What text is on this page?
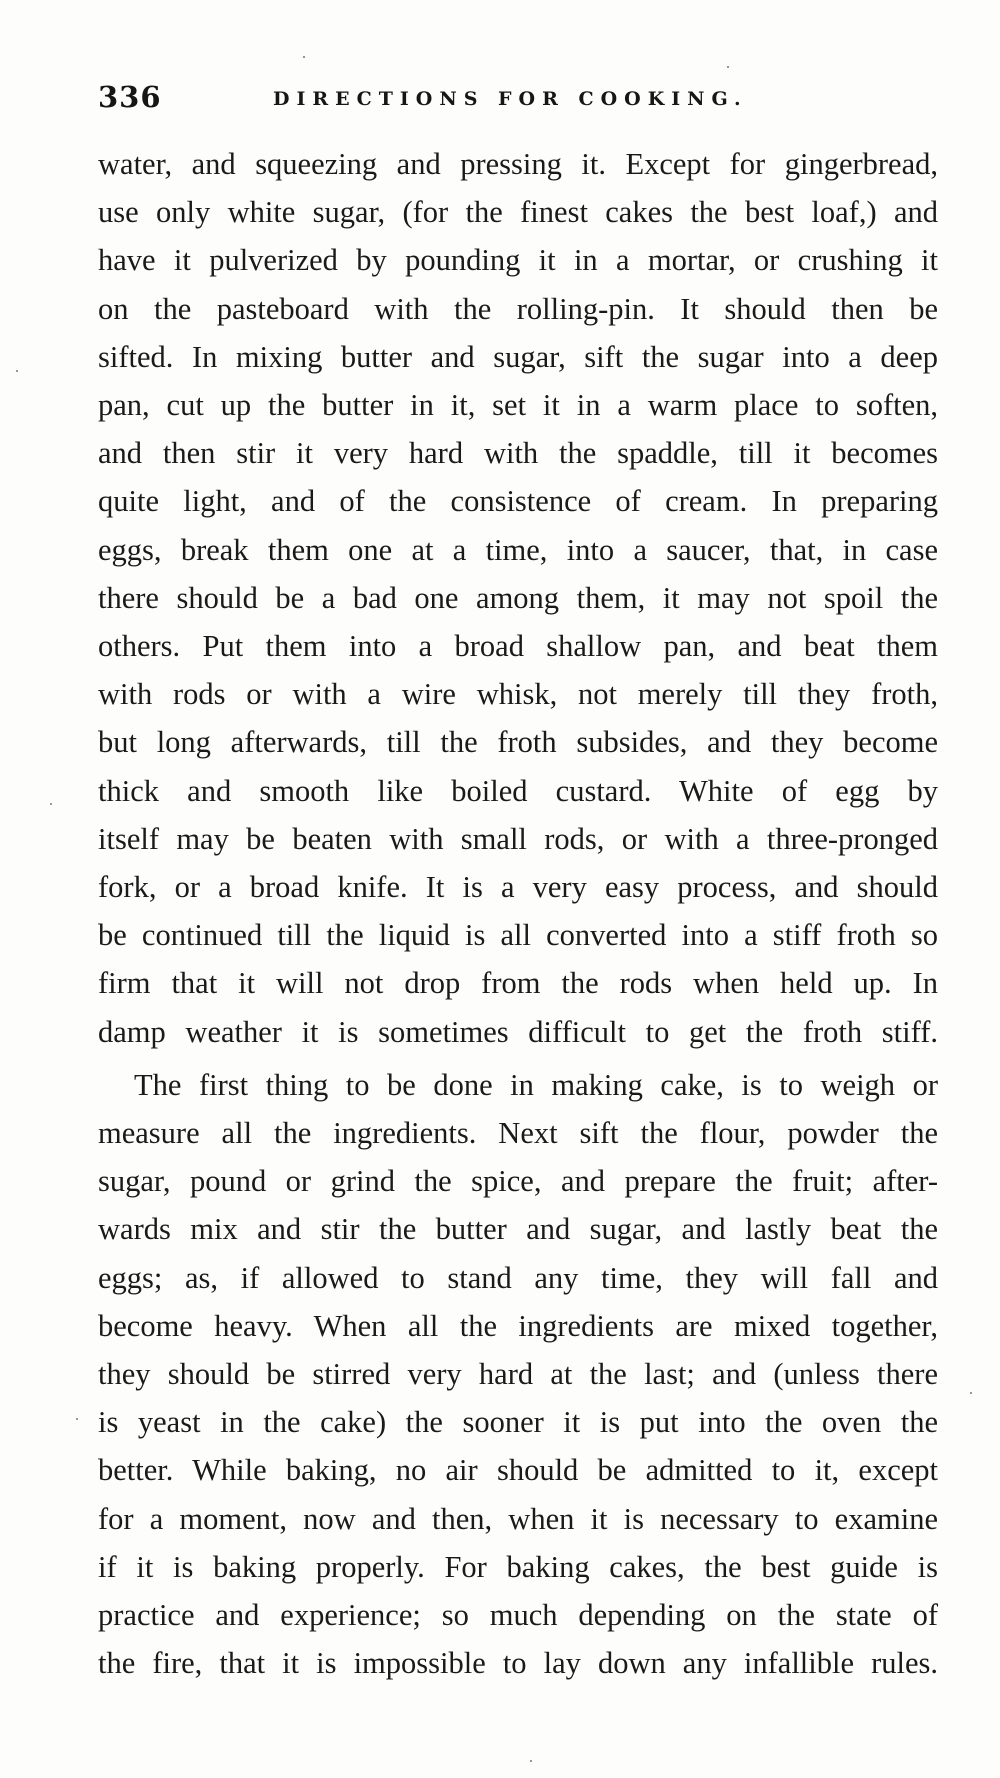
336	DIRECTIONS FOR COOKING.

water, and squeezing and pressing it. Except for gingerbread,
use only white sugar, (for the finest cakes the best loaf,) and
have it pulverized by pounding it in a mortar, or crushing it
on the pasteboard with the rolling-pin. It should then be
sifted. In mixing butter and sugar, sift the sugar into a deep
pan, cut up the butter in it, set it in a warm place to soften,
and then stir it very hard with the spaddle, till it becomes
quite light, and of the consistence of cream. In preparing
eggs, break them one at a time, into a saucer, that, in case
there should be a bad one among them, it may not spoil the
others. Put them into a broad shallow pan, and beat them
with rods or with a wire whisk, not merely till they froth,
but long afterwards, till the froth subsides, and they become
thick and smooth like boiled custard. White of egg by
itself may be beaten with small rods, or with a three-pronged
fork, or a broad knife. It is a very easy process, and should
be continued till the liquid is all converted into a stiff froth so
firm that it will not drop from the rods when held up. In
damp weather it is sometimes difficult to get the froth stiff.

The first thing to be done in making cake, is to weigh or
measure all the ingredients. Next sift the flour, powder the
sugar, pound or grind the spice, and prepare the fruit; after-
wards mix and stir the butter and sugar, and lastly beat the
eggs; as, if allowed to stand any time, they will fall and
become heavy. When all the ingredients are mixed together,
they should be stirred very hard at the last; and (unless there
is yeast in the cake) the sooner it is put into the oven the
better. While baking, no air should be admitted to it, except
for a moment, now and then, when it is necessary to examine
if it is baking properly. For baking cakes, the best guide is
practice and experience; so much depending on the state of
the fire, that it is impossible to lay down any infallible rules.
